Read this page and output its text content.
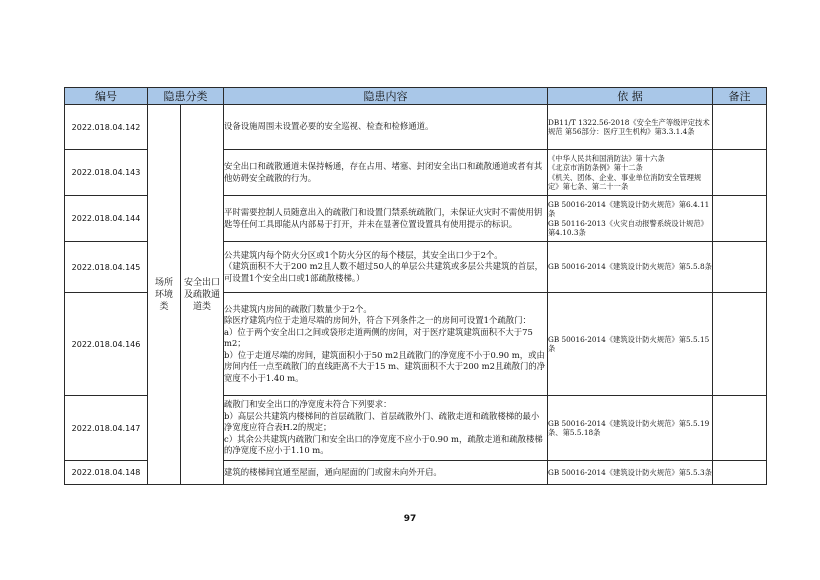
编号	隐患分类		隐患内容	依 据	备注
2022.018.04.142	场所环境类	安全出口及疏散通道类	设备设施周围未设置必要的安全巡视、检查和检修通道。	DB11/T 1322.56-2018《安全生产等级评定技术规范 第56部分：医疗卫生机构》第3.3.1.4条	

2022.018.04.143			安全出口和疏散通道未保持畅通，存在占用、堵塞、封闭安全出口和疏散通道或者有其他妨碍安全疏散的行为。	《中华人民共和国消防法》第十六条

《北京市消防条例》第十二条

《机关、团体、企业、事业单位消防安全管理规定》第七条、第二十一条	

2022.018.04.144			平时需要控制人员随意出入的疏散门和设置门禁系统疏散门，未保证火灾时不需使用钥匙等任何工具即能从内部易于打开，并未在显著位置设置具有使用提示的标识。	GB 50016-2014《建筑设计防火规范》第6.4.11条

GB 50116-2013《火灾自动报警系统设计规范》第4.10.3条	

2022.018.04.145			公共建筑内每个防火分区或1个防火分区的每个楼层，其安全出口少于2个。

（建筑面积不大于200 m2且人数不超过50人的单层公共建筑或多层公共建筑的首层，可设置1个安全出口或1部疏散楼梯。）	GB 50016-2014《建筑设计防火规范》第5.5.8条	

2022.018.04.146			公共建筑内房间的疏散门数量少于2个。

除医疗建筑内位于走道尽端的房间外，符合下列条件之一的房间可设置1个疏散门：

a）位于两个安全出口之间或袋形走道两侧的房间，对于医疗建筑建筑面积不大于75 m2；

b）位于走道尽端的房间，建筑面积小于50 m2且疏散门的净宽度不小于0.90 m，或由房间内任一点至疏散门的直线距离不大于15 m、建筑面积不大于200 m2且疏散门的净宽度不小于1.40 m。	GB 50016-2014《建筑设计防火规范》第5.5.15条	

2022.018.04.147			疏散门和安全出口的净宽度未符合下列要求：

b）高层公共建筑内楼梯间的首层疏散门、首层疏散外门、疏散走道和疏散楼梯的最小净宽度应符合表H.2的规定；

c）其余公共建筑内疏散门和安全出口的净宽度不应小于0.90 m，疏散走道和疏散楼梯的净宽度不应小于1.10 m。	GB 50016-2014《建筑设计防火规范》第5.5.19条、第5.5.18条	

2022.018.04.148			建筑的楼梯间宜通至屋面，通向屋面的门或窗未向外开启。	GB 50016-2014《建筑设计防火规范》第5.5.3条	

97
